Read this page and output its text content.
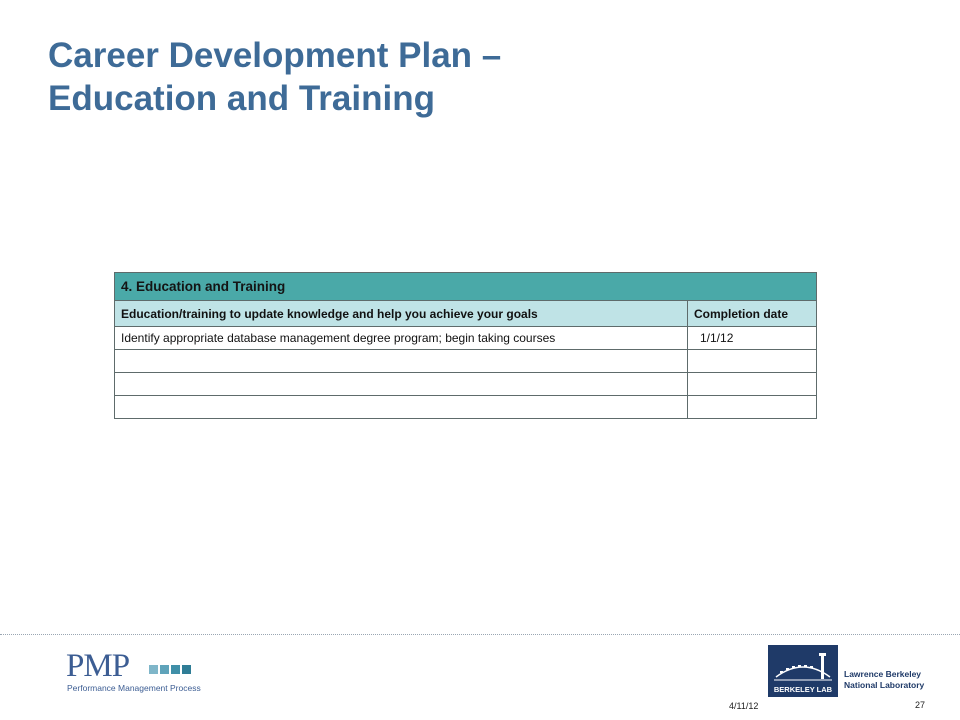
Career Development Plan –
Education and Training
4. Education and Training	
Education/training to update knowledge and help you achieve your goals	Completion date
Identify appropriate database management degree program; begin taking courses	1/1/12

PMP
Performance Management Process	BERKELEY LAB
Lawrence Berkeley
National Laboratory
4/11/12	27
